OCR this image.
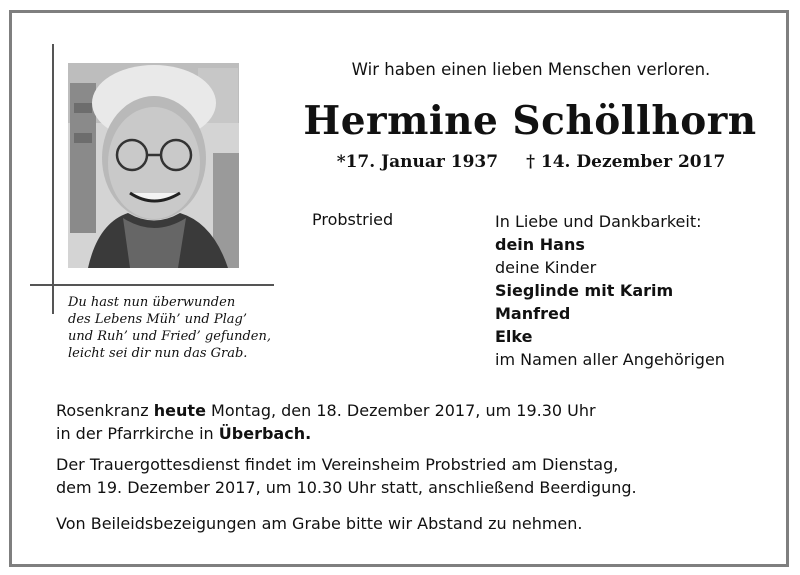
Du hast nun überwunden
des Lebens Müh’ und Plag’
und Ruh’ und Fried’ gefunden,
leicht sei dir nun das Grab.
Wir haben einen lieben Menschen verloren.
Hermine Schöllhorn
*17. Januar 1937 † 14. Dezember 2017
Probstried	In Liebe und Dankbarkeit:
dein Hans
deine Kinder
Sieglinde mit Karim
Manfred
Elke
im Namen aller Angehörigen

Rosenkranz heute Montag, den 18. Dezember 2017, um 19.30 Uhr
in der Pfarrkirche in Überbach.

Der Trauergottesdienst findet im Vereinsheim Probstried am Dienstag,
dem 19. Dezember 2017, um 10.30 Uhr statt, anschließend Beerdigung.

Von Beileidsbezeigungen am Grabe bitte wir Abstand zu nehmen.
